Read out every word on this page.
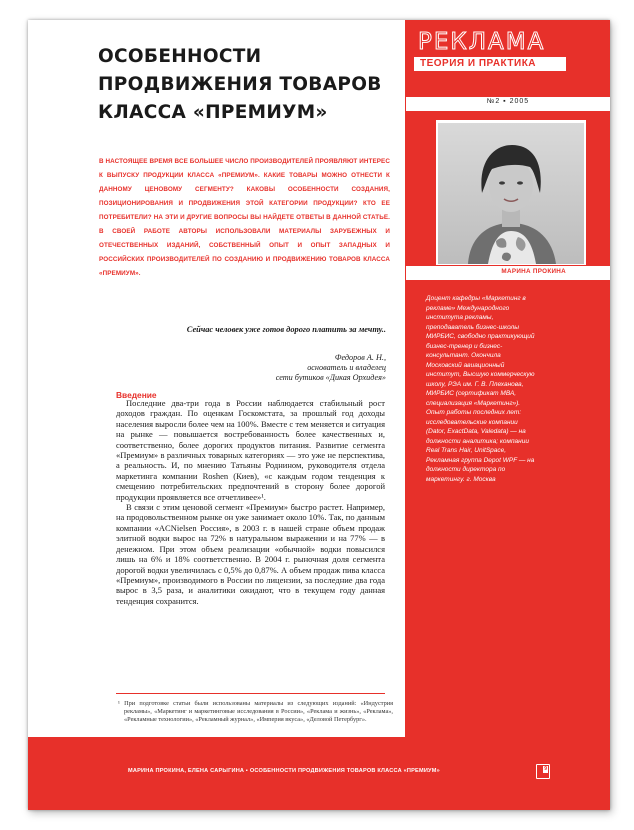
ОСОБЕННОСТИ
ПРОДВИЖЕНИЯ ТОВАРОВ
КЛАССА «ПРЕМИУМ»
РЕКЛАМА
ТЕОРИЯ И ПРАКТИКА
№2 ▪ 2005
МАРИНА ПРОКИНА

Доцент кафедры «Маркетинг в рекламе» Международного института рекламы, преподаватель бизнес-школы МИРБИС, свободно практикующий бизнес-тренер и бизнес-консультант. Окончила Московский авиационный институт, Высшую коммерческую школу, РЭА им. Г. В. Плеханова, МИРБИС (сертификат МВА, специализация «Маркетинг»). Опыт работы последних лет: исследовательские компании (Dator, ExactData, Valedata) — на должности аналитика; компании Real Trans Hair, UnitSpace, Рекламная группа Depot WPF — на должности директора по маркетингу. г. Москва

В НАСТОЯЩЕЕ ВРЕМЯ ВСЕ БОЛЬШЕЕ ЧИСЛО ПРОИЗВОДИТЕЛЕЙ ПРОЯВЛЯЮТ ИНТЕРЕС К ВЫПУСКУ ПРОДУКЦИИ КЛАССА «ПРЕМИУМ». КАКИЕ ТОВАРЫ МОЖНО ОТНЕСТИ К ДАННОМУ ЦЕНОВОМУ СЕГМЕНТУ? КАКОВЫ ОСОБЕННОСТИ СОЗДАНИЯ, ПОЗИЦИОНИРОВАНИЯ И ПРОДВИЖЕНИЯ ЭТОЙ КАТЕГОРИИ ПРОДУКЦИИ? КТО ЕЕ ПОТРЕБИТЕЛИ? НА ЭТИ И ДРУГИЕ ВОПРОСЫ ВЫ НАЙДЕТЕ ОТВЕТЫ В ДАННОЙ СТАТЬЕ. В СВОЕЙ РАБОТЕ АВТОРЫ ИСПОЛЬЗОВАЛИ МАТЕРИАЛЫ ЗАРУБЕЖНЫХ И ОТЕЧЕСТВЕННЫХ ИЗДАНИЙ, СОБСТВЕННЫЙ ОПЫТ И ОПЫТ ЗАПАДНЫХ И РОССИЙСКИХ ПРОИЗВОДИТЕЛЕЙ ПО СОЗДАНИЮ И ПРОДВИЖЕНИЮ ТОВАРОВ КЛАССА «ПРЕМИУМ».

Сейчас человек уже готов дорого платить за мечту..

Федоров А. Н.,
основатель и владелец
сети бутиков «Дикая Орхидея»
Введение

Последние два-три года в России наблюдается стабильный рост доходов граждан. По оценкам Госкомстата, за прошлый год доходы населения выросли более чем на 100%. Вместе с тем меняется и ситуация на рынке — повышается востребованность более качественных и, соответственно, более дорогих продуктов питания. Развитие сегмента «Премиум» в различных товарных категориях — это уже не перспектива, а реальность. И, по мнению Татьяны Роднином, руководителя отдела маркетинга компании Roshen (Киев), «с каждым годом тенденция к смещению потребительских предпочтений в сторону более дорогой продукции проявляется все отчетливее»¹.

В связи с этим ценовой сегмент «Премиум» быстро растет. Например, на продовольственном рынке он уже занимает около 10%. Так, по данным компании «ACNielsen Россия», в 2003 г. в нашей стране объем продаж элитной водки вырос на 72% в натуральном выражении и на 77% — в денежном. При этом объем реализации «обычной» водки повысился лишь на 6% и 18% соответственно. В 2004 г. рыночная доля сегмента дорогой водки увеличилась с 0,5% до 0,87%. А объем продаж пива класса «Премиум», производимого в России по лицензии, за последние два года вырос в 3,5 раза, и аналитики ожидают, что в текущем году данная тенденция сохранится.

¹ При подготовке статьи были использованы материалы из следующих изданий: «Индустрия рекламы», «Маркетинг и маркетинговые исследования в России», «Реклама и жизнь», «Реклама», «Рекламные технологии», «Рекламный журнал», «Империя вкуса», «Деловой Петербург».

МАРИНА ПРОКИНА, ЕЛЕНА САРЫГИНА ▪ ОСОБЕННОСТИ ПРОДВИЖЕНИЯ ТОВАРОВ КЛАССА «ПРЕМИУМ»	9
